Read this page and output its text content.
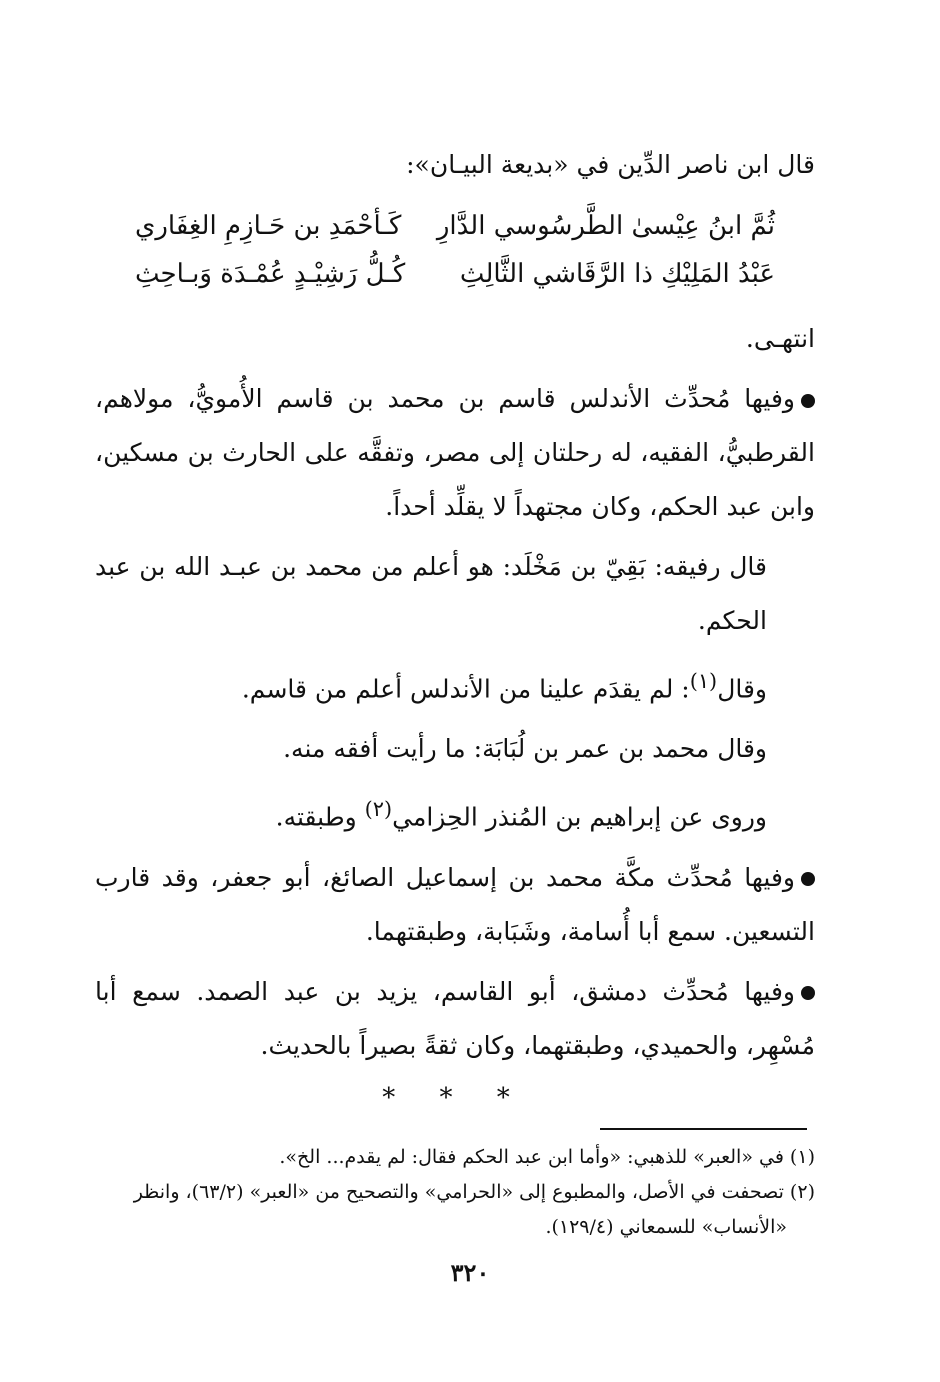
قال ابن ناصر الدِّين في «بديعة البيـان»:

ثُمَّ ابنُ عِيْسىٰ الطَّرسُوسي الدَّارِ
كَـأحْمَدِ بن حَـازِمِ الغِفَاري
عَبْدُ المَلِيْكِ ذا الرَّقَاشي الثَّالِثِ
كُـلُّ رَشِيْـدٍ عُمْـدَة وَبـاحِثِ

انتهـى.

وفيها مُحدِّث الأندلس قاسم بن محمد بن قاسم الأُمويُّ، مولاهم، القرطبيُّ، الفقيه، له رحلتان إلى مصر، وتفقَّه على الحارث بن مسكين، وابن عبد الحكم، وكان مجتهداً لا يقلِّد أحداً.

قال رفيقه: بَقِيّ بن مَخْلَد: هو أعلم من محمد بن عبـد الله بن عبد الحكم.

وقال$^{(١)}$: لم يقدَم علينا من الأندلس أعلم من قاسم.

وقال محمد بن عمر بن لُبَابَة: ما رأيت أفقه منه.

وروى عن إبراهيم بن المُنذر الحِزامي$^{(٢)}$ وطبقته.

وفيها مُحدِّث مكَّة محمد بن إسماعيل الصائغ، أبو جعفر، وقد قارب التسعين. سمع أبا أُسامة، وشَبَابة، وطبقتهما.

وفيها مُحدِّث دمشق، أبو القاسم، يزيد بن عبد الصمد. سمع أبا مُسْهِر، والحميدي، وطبقتهما، وكان ثقةً بصيراً بالحديث.

* * *

(١) في «العبر» للذهبي: «وأما ابن عبد الحكم فقال: لم يقدم... الخ».

(٢) تصحفت في الأصل، والمطبوع إلى «الحرامي» والتصحيح من «العبر» (٦٣/٢)، وانظر

«الأنساب» للسمعاني (١٢٩/٤).

٣٢٠
